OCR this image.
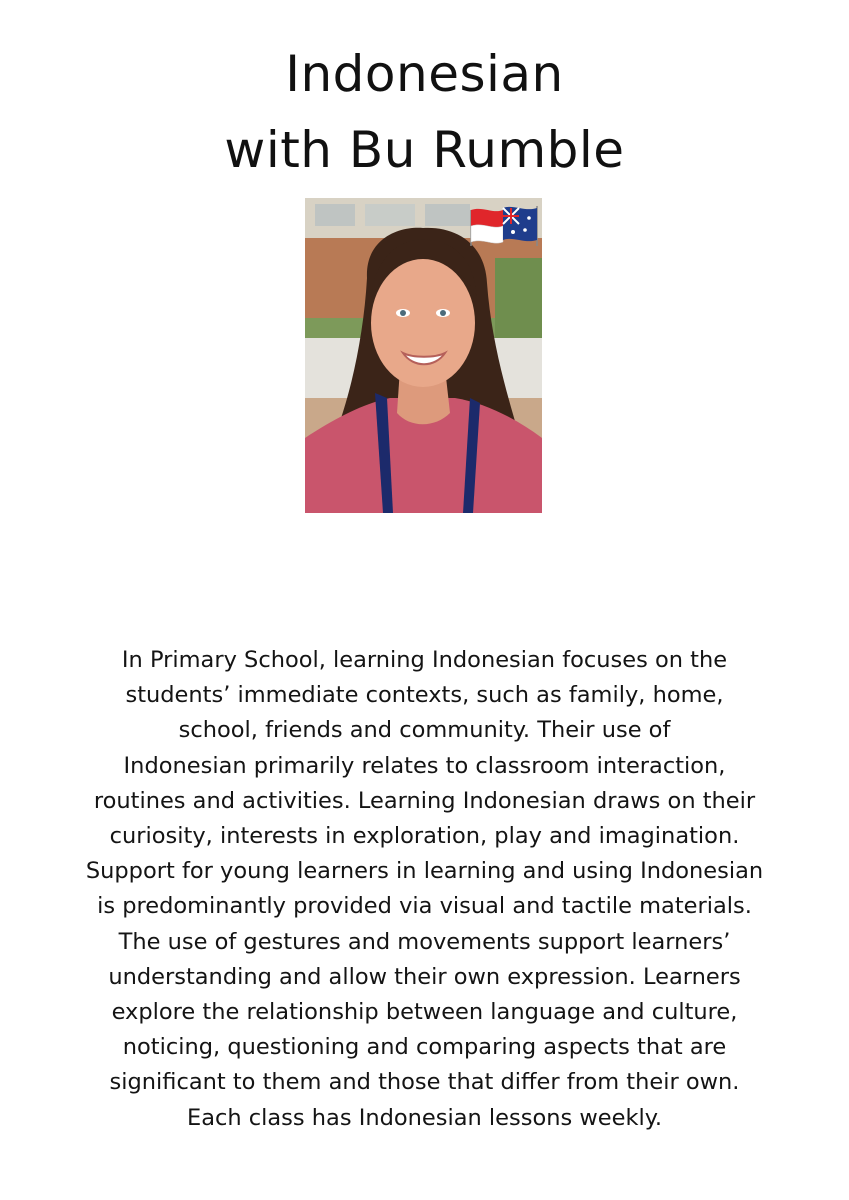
Indonesian
with Bu Rumble

In Primary School, learning Indonesian focuses on the
students’ immediate contexts, such as family, home,
school, friends and community. Their use of
Indonesian primarily relates to classroom interaction,
routines and activities. Learning Indonesian draws on their
curiosity, interests in exploration, play and imagination.
Support for young learners in learning and using Indonesian
is predominantly provided via visual and tactile materials.
The use of gestures and movements support learners’
understanding and allow their own expression. Learners
explore the relationship between language and culture,
noticing, questioning and comparing aspects that are
significant to them and those that differ from their own.
Each class has Indonesian lessons weekly.
